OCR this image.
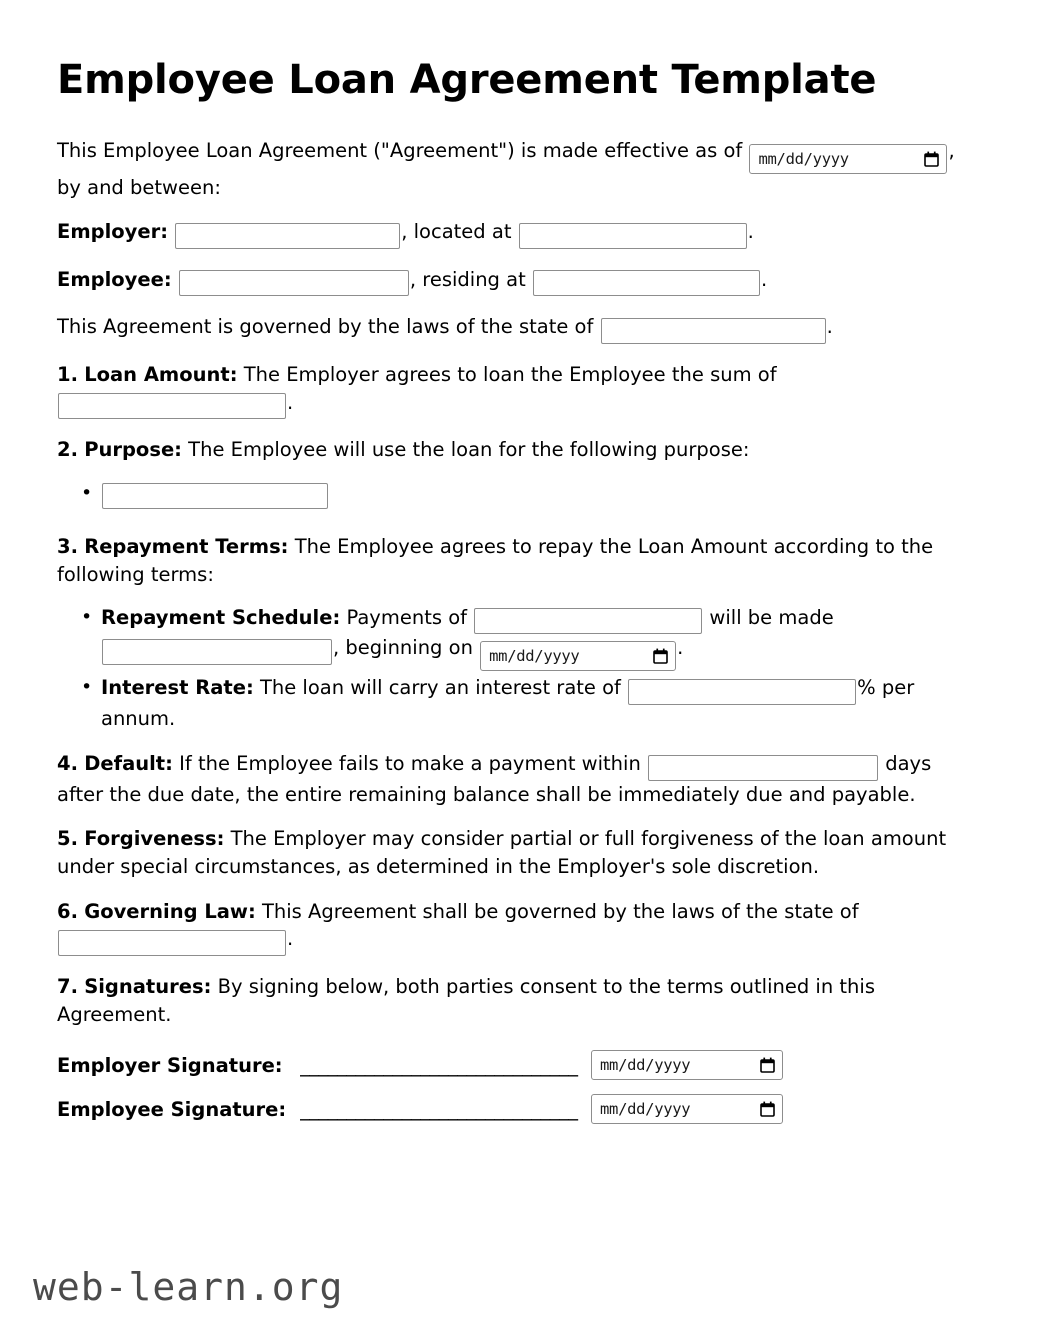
Employee Loan Agreement Template

This Employee Loan Agreement ("Agreement") is made effective as of mm/dd/yyyy	,
by and between:

Employer:	, located at	.

Employee:	, residing at	.

This Agreement is governed by the laws of the state of	.

1. Loan Amount: The Employer agrees to loan the Employee the sum of
.

2. Purpose: The Employee will use the loan for the following purpose:

•

3. Repayment Terms: The Employee agrees to repay the Loan Amount according to the following terms:

• Repayment Schedule: Payments of	will be made , beginning on mm/dd/yyyy	.
• Interest Rate: The loan will carry an interest rate of	% per annum.

4. Default: If the Employee fails to make a payment within	days after the due date, the entire remaining balance shall be immediately due and payable.

5. Forgiveness: The Employer may consider partial or full forgiveness of the loan amount under special circumstances, as determined in the Employer's sole discretion.

6. Governing Law: This Agreement shall be governed by the laws of the state of
.

7. Signatures: By signing below, both parties consent to the terms outlined in this Agreement.

Employer Signature: ______________________________	mm/dd/yyyy
Employee Signature: ______________________________	mm/dd/yyyy
web-learn.org
